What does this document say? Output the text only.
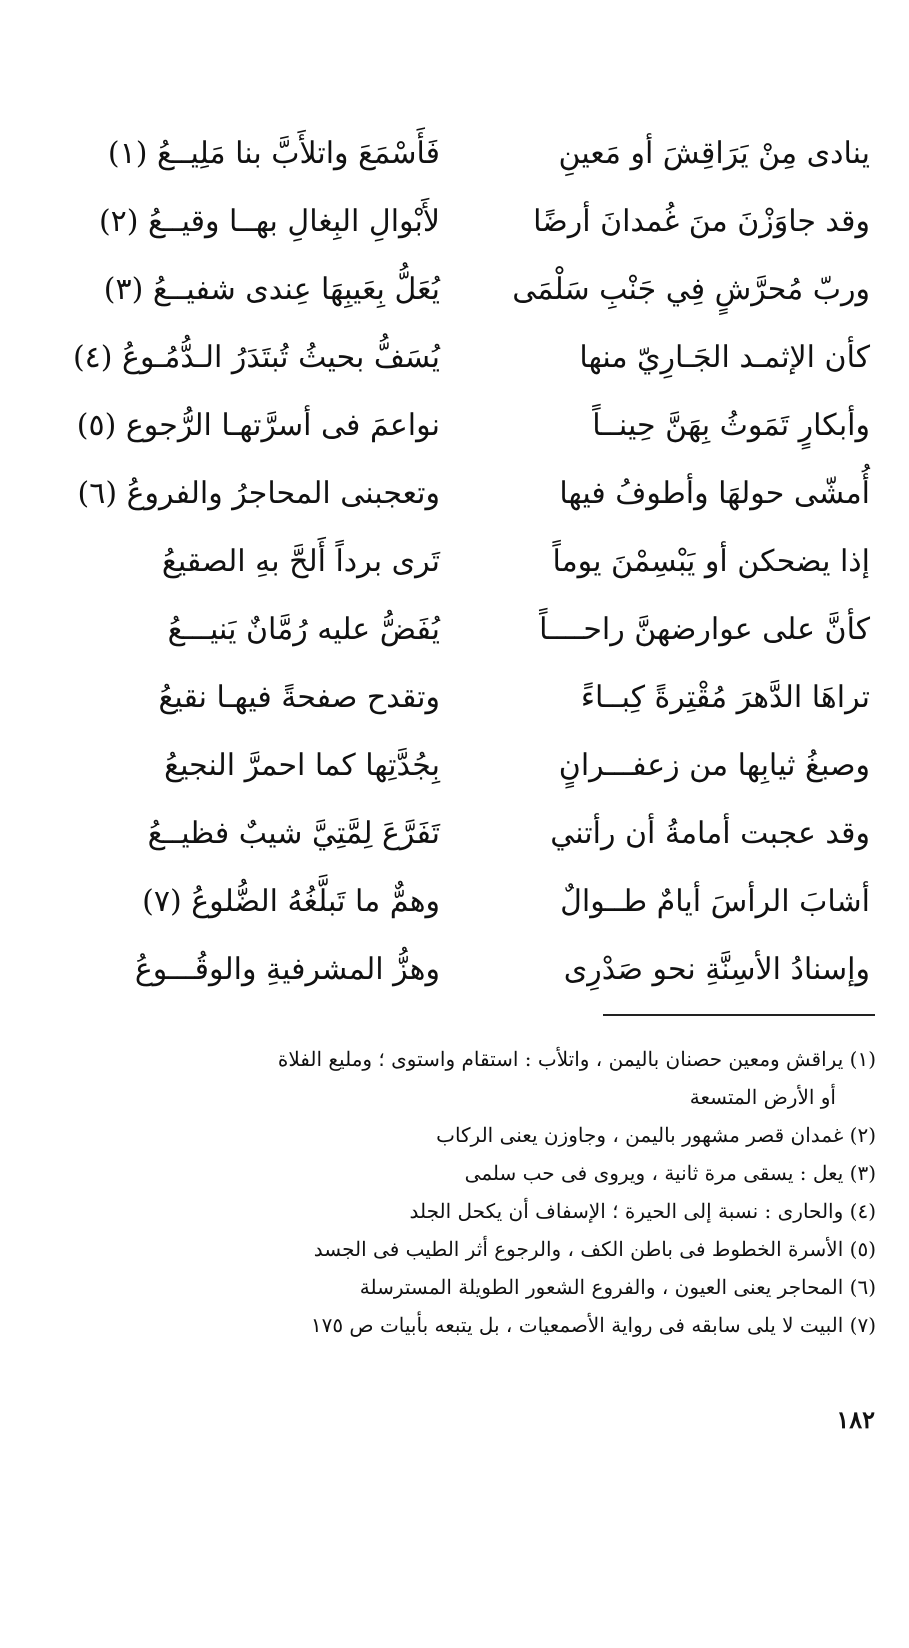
ينادى مِنْ يَرَاقِشَ أو مَعينِ
فَأَسْمَعَ واتلأَبَّ بنا مَلِيــعُ (١)
وقد جاوَزْنَ منَ غُمدانَ أرضًا
لأَبْوالِ البِغالِ بهــا وقيــعُ (٢)
وربّ مُحرَّشٍ فِي جَنْبِ سَلْمَى
يُعَلُّ بِعَيبِهَا عِندى شفيــعُ (٣)
كأن الإثمـد الجَـارِيّ منها
يُسَفُّ بحيثُ تُبتَدَرُ الـدُّمُـوعُ (٤)
وأبكارٍ تَمَوثُ بِهَنَّ حِينــاً
نواعمَ فى أسرَّتهـا الرُّجوع (٥)
أُمشّى حولهَا وأطوفُ فيها
وتعجبنى المحاجرُ والفروعُ (٦)
إذا يضحكن أو يَبْسِمْنَ يوماً
تَرى برداً أَلحَّ بهِ الصقيعُ
كأنَّ على عوارضهنَّ راحــــاً
يُفَضُّ عليه رُمَّانٌ يَنيـــعُ
تراهَا الدَّهرَ مُقْتِرةً كِبــاءً
وتقدح صفحةً فيهـا نقيعُ
وصبغُ ثيابِها من زعفـــرانٍ
بِجُدَّتِها كما احمرَّ النجيعُ
وقد عجبت أمامةُ أن رأتني
تَفَرَّعَ لِمَّتِيَّ شيبٌ فظيــعُ
أشابَ الرأسَ أيامٌ طــوالٌ
وهمٌّ ما تَبلَّغُهُ الضُّلوعُ (٧)
وإسنادُ الأسِنَّةِ نحو صَدْرِى
وهزُّ المشرفيةِ والوقُـــوعُ
(١) يراقش ومعين حصنان باليمن ، واتلأب : استقام واستوى ؛ ومليع الفلاة
أو الأرض المتسعة
(٢) غمدان قصر مشهور باليمن ، وجاوزن يعنى الركاب
(٣) يعل : يسقى مرة ثانية ، ويروى فى حب سلمى
(٤) والحارى : نسبة إلى الحيرة ؛ الإسفاف أن يكحل الجلد
(٥) الأسرة الخطوط فى باطن الكف ، والرجوع أثر الطيب فى الجسد
(٦) المحاجر يعنى العيون ، والفروع الشعور الطويلة المسترسلة
(٧) البيت لا يلى سابقه فى رواية الأصمعيات ، بل يتبعه بأبيات ص ١٧٥
١٨٢
